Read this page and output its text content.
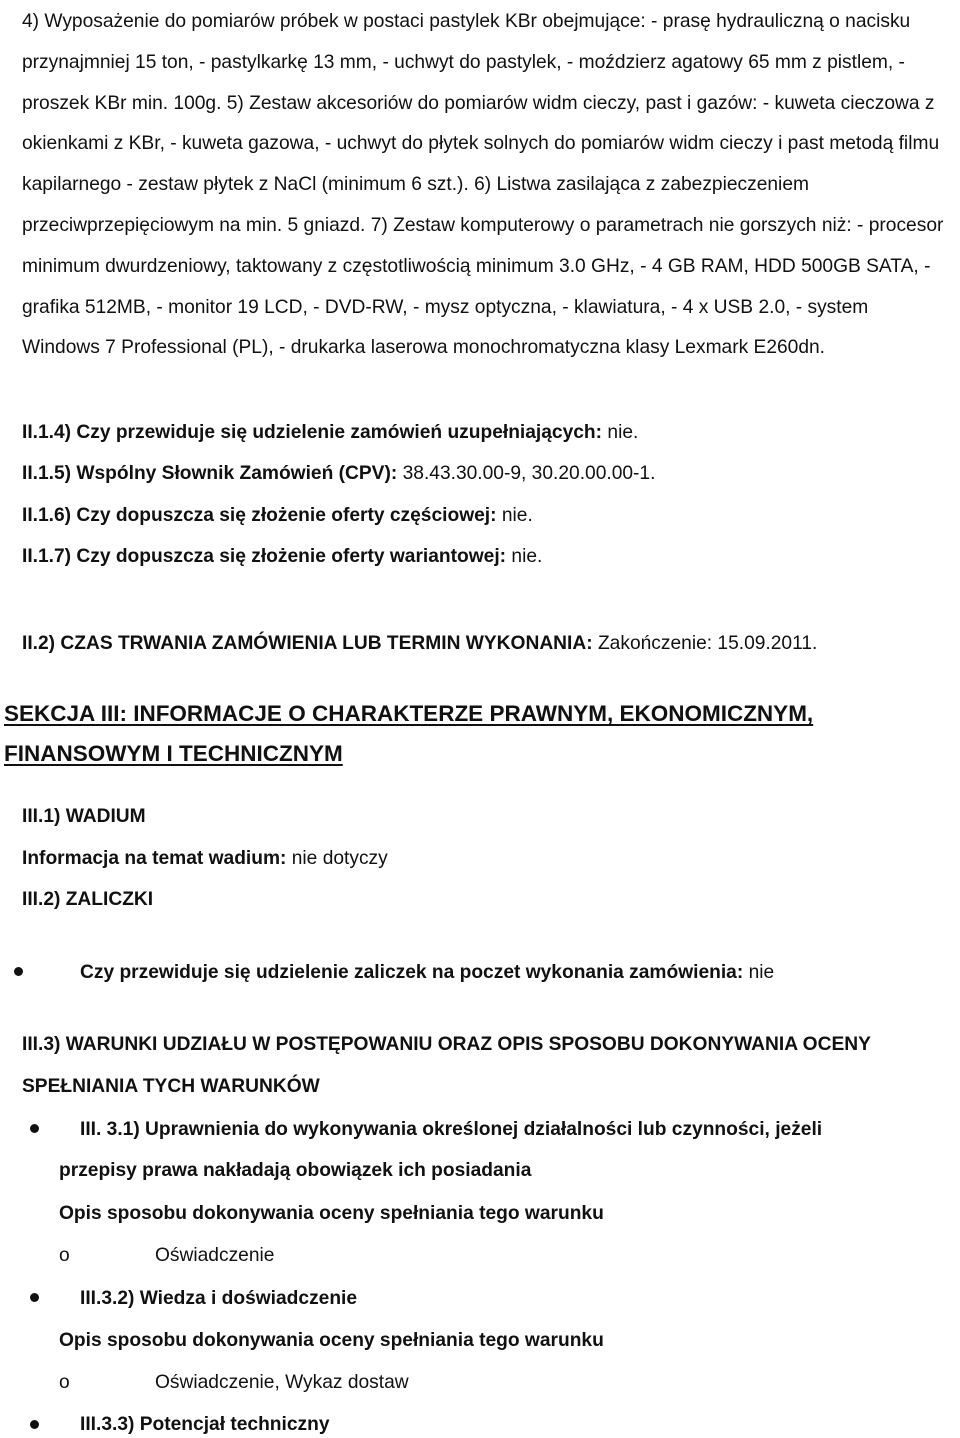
4) Wyposażenie do pomiarów próbek w postaci pastylek KBr obejmujące: - prasę hydrauliczną o nacisku przynajmniej 15 ton, - pastylkarkę 13 mm, - uchwyt do pastylek, - moździerz agatowy 65 mm z pistlem, - proszek KBr min. 100g. 5) Zestaw akcesoriów do pomiarów widm cieczy, past i gazów: - kuweta cieczowa z okienkami z KBr, - kuweta gazowa, - uchwyt do płytek solnych do pomiarów widm cieczy i past metodą filmu kapilarnego - zestaw płytek z NaCl (minimum 6 szt.). 6) Listwa zasilająca z zabezpieczeniem przeciwprzepięciowym na min. 5 gniazd. 7) Zestaw komputerowy o parametrach nie gorszych niż: - procesor minimum dwurdzeniowy, taktowany z częstotliwością minimum 3.0 GHz, - 4 GB RAM, HDD 500GB SATA, - grafika 512MB, - monitor 19 LCD, - DVD-RW, - mysz optyczna, - klawiatura, - 4 x USB 2.0, - system Windows 7 Professional (PL), - drukarka laserowa monochromatyczna klasy Lexmark E260dn.

II.1.4) Czy przewiduje się udzielenie zamówień uzupełniających: nie.
II.1.5) Wspólny Słownik Zamówień (CPV): 38.43.30.00-9, 30.20.00.00-1.
II.1.6) Czy dopuszcza się złożenie oferty częściowej: nie.
II.1.7) Czy dopuszcza się złożenie oferty wariantowej: nie.
II.2) CZAS TRWANIA ZAMÓWIENIA LUB TERMIN WYKONANIA: Zakończenie: 15.09.2011.
SEKCJA III: INFORMACJE O CHARAKTERZE PRAWNYM, EKONOMICZNYM,
FINANSOWYM I TECHNICZNYM
III.1) WADIUM
Informacja na temat wadium: nie dotyczy
III.2) ZALICZKI
Czy przewiduje się udzielenie zaliczek na poczet wykonania zamówienia: nie
III.3) WARUNKI UDZIAŁU W POSTĘPOWANIU ORAZ OPIS SPOSOBU DOKONYWANIA OCENY
SPEŁNIANIA TYCH WARUNKÓW
III. 3.1) Uprawnienia do wykonywania określonej działalności lub czynności, jeżeli
przepisy prawa nakładają obowiązek ich posiadania
Opis sposobu dokonywania oceny spełniania tego warunku
o	Oświadczenie
III.3.2) Wiedza i doświadczenie
Opis sposobu dokonywania oceny spełniania tego warunku
o	Oświadczenie, Wykaz dostaw
III.3.3) Potencjał techniczny
